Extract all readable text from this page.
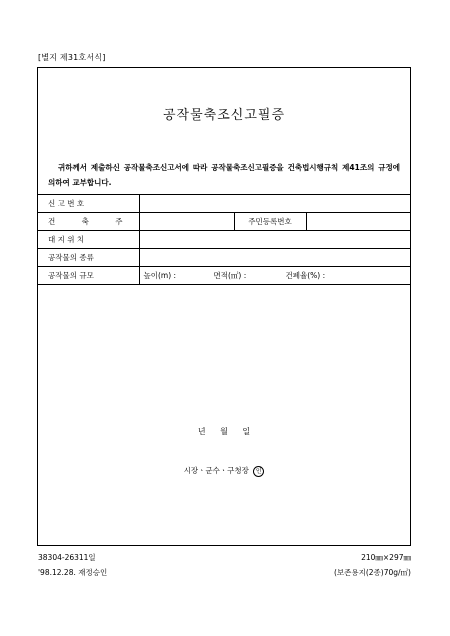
[별지 제31호서식]
공작물축조신고필증
귀하께서 제출하신 공작물축조신고서에 따라 공작물축조신고필증을 건축법시행규칙 제41조의 규정에 의하여 교부합니다.
신 고 번 호			
건 축 주		주민등록번호	
대 지 위 치			
공작물의 종류			
공작물의 규모	높이(m) : 면적(㎡) : 건폐율(%) :		
년 월 일
시장ㆍ군수ㆍ구청장 인
38304-26311일	210㎜×297㎜
'98.12.28. 재정승인	(보존용지(2종)70g/㎡)
